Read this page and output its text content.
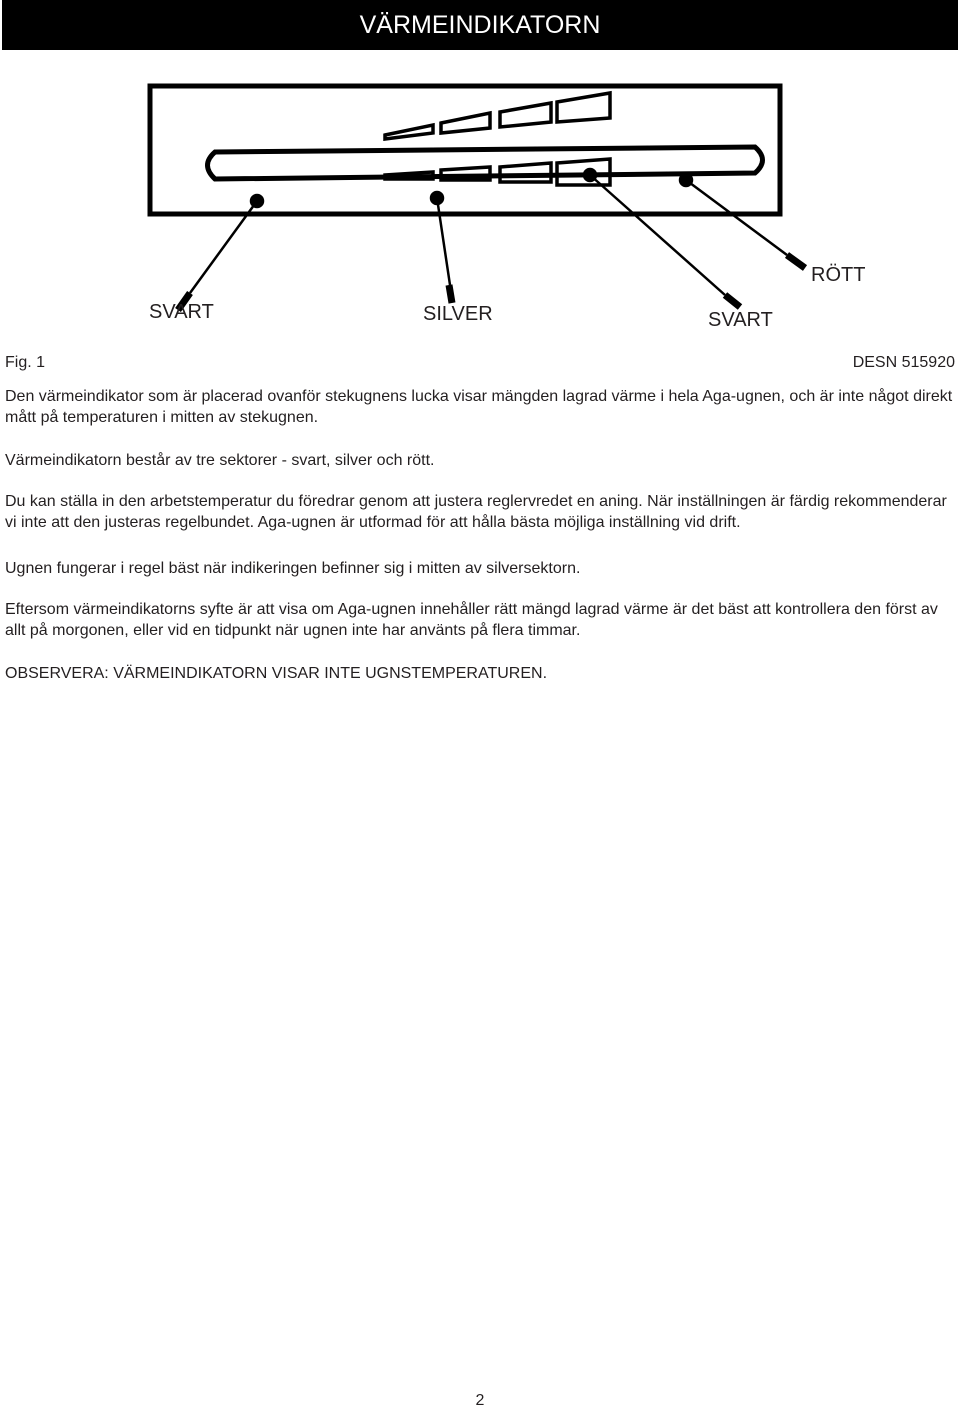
VÄRMEINDIKATORN
SVART	SILVER	SVART
RÖTT
Fig. 1	DESN 515920

Den värmeindikator som är placerad ovanför stekugnens lucka visar mängden lagrad värme i hela Aga-ugnen, och är inte något direkt mått på temperaturen i mitten av stekugnen.

Värmeindikatorn består av tre sektorer - svart, silver och rött.

Du kan ställa in den arbetstemperatur du föredrar genom att justera reglervredet en aning. När inställningen är färdig rekommenderar vi inte att den justeras regelbundet. Aga-ugnen är utformad för att hålla bästa möjliga inställning vid drift.

Ugnen fungerar i regel bäst när indikeringen befinner sig i mitten av silversektorn.

Eftersom värmeindikatorns syfte är att visa om Aga-ugnen innehåller rätt mängd lagrad värme är det bäst att kontrollera den först av allt på morgonen, eller vid en tidpunkt när ugnen inte har använts på flera timmar.

OBSERVERA: VÄRMEINDIKATORN VISAR INTE UGNSTEMPERATUREN.

2
